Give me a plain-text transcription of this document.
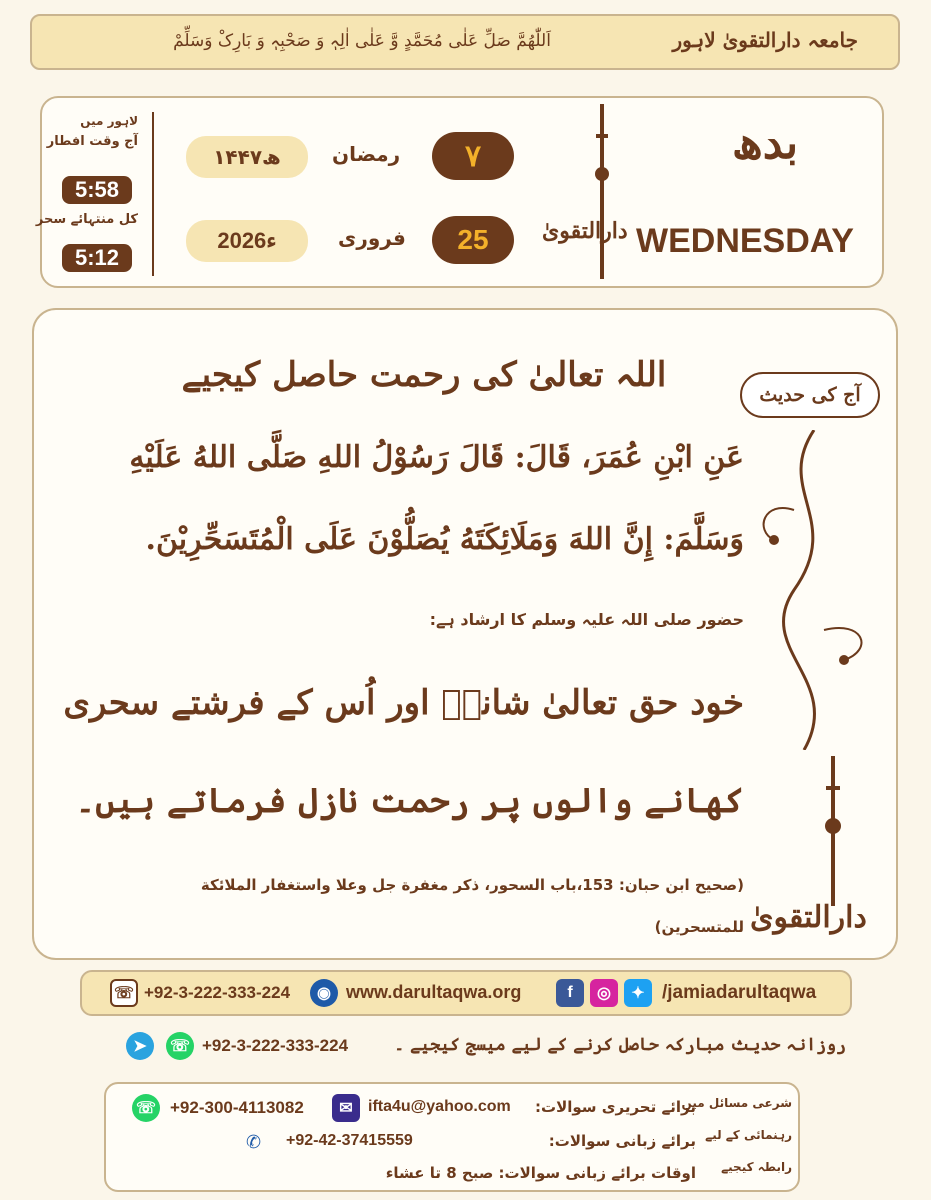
اَللّٰھُمَّ صَلِّ عَلٰی مُحَمَّدٍ وَّ عَلٰی اٰلِہٖ وَ صَحْبِہٖ وَ بَارِکْ وَسَلِّمْ	جامعہ دارالتقویٰ لاہور
بدھ
WEDNESDAY
دارالتقویٰ
۷
رمضان
۱۴۴۷ھ
25
فروری
2026ء
لاہور میں
آج وقت افطار
5:58
کل منتہائے سحر
5:12
اللہ تعالیٰ کی رحمت حاصل کیجیے	آج کی حدیث
دارالتقویٰ
عَنِ ابْنِ عُمَرَ، قَالَ: قَالَ رَسُوْلُ اللهِ صَلَّى اللهُ عَلَيْهِ
وَسَلَّمَ: إِنَّ اللهَ وَمَلَائِكَتَهُ يُصَلُّوْنَ عَلَى الْمُتَسَحِّرِيْنَ.
حضور صلی اللہ علیہ وسلم کا ارشاد ہے:
خود حق تعالیٰ شانہٗ اور اُس کے فرشتے سحری
کھانے والوں پر رحمت نازل فرماتے ہیں۔
(صحيح ابن حبان: 153،باب السحور، ذكر مغفرة جل وعلا واستغفار الملائكة
للمتسحرين)
☏ +92-3-222-333-224	◉ www.darultaqwa.org	f	◎	✦ /jamiadarultaqwa
➤	☏ +92-3-222-333-224	روزانہ حدیث مبارکہ حاصل کرنے کے لیے میسج کیجیے ۔
☏ +92-300-4113082	✉ ifta4u@yahoo.com برائے تحریری سوالات:
✆ +92-42-37415559	برائے زبانی سوالات:
اوقات برائے زبانی سوالات: صبح 8 تا عشاء
شرعی مسائل میں
رہنمائی کے لیے
رابطہ کیجیے
